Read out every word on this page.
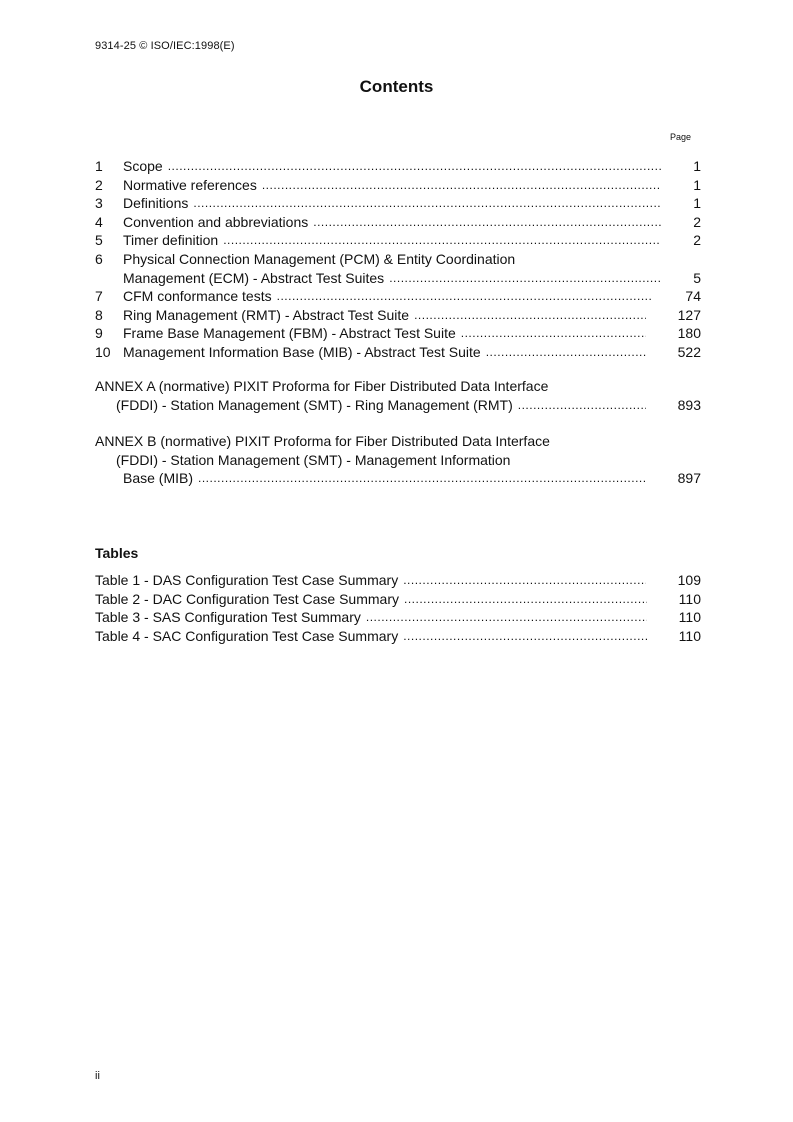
9314-25 © ISO/IEC:1998(E)
Contents
Page
1	Scope .....	1
2	Normative references .....	1
3	Definitions .....	1
4	Convention and abbreviations .....	2
5	Timer definition .....	2
6	Physical Connection Management (PCM) & Entity Coordination
Management (ECM) - Abstract Test Suites .....	5
7	CFM conformance tests .....	74
8	Ring Management (RMT) - Abstract Test Suite .....	127
9	Frame Base Management (FBM) - Abstract Test Suite .....	180
10 Management Information Base (MIB) - Abstract Test Suite .....	522
ANNEX A (normative) PIXIT Proforma for Fiber Distributed Data Interface
(FDDI) - Station Management (SMT) - Ring Management (RMT) .....	893
ANNEX B (normative) PIXIT Proforma for Fiber Distributed Data Interface
(FDDI) - Station Management (SMT) - Management Information
Base (MIB) .....	897
Tables
Table 1 - DAS Configuration Test Case Summary .....	109
Table 2 - DAC Configuration Test Case Summary .....	110
Table 3 - SAS Configuration Test Summary .....	110
Table 4 - SAC Configuration Test Case Summary .....	110
ii
